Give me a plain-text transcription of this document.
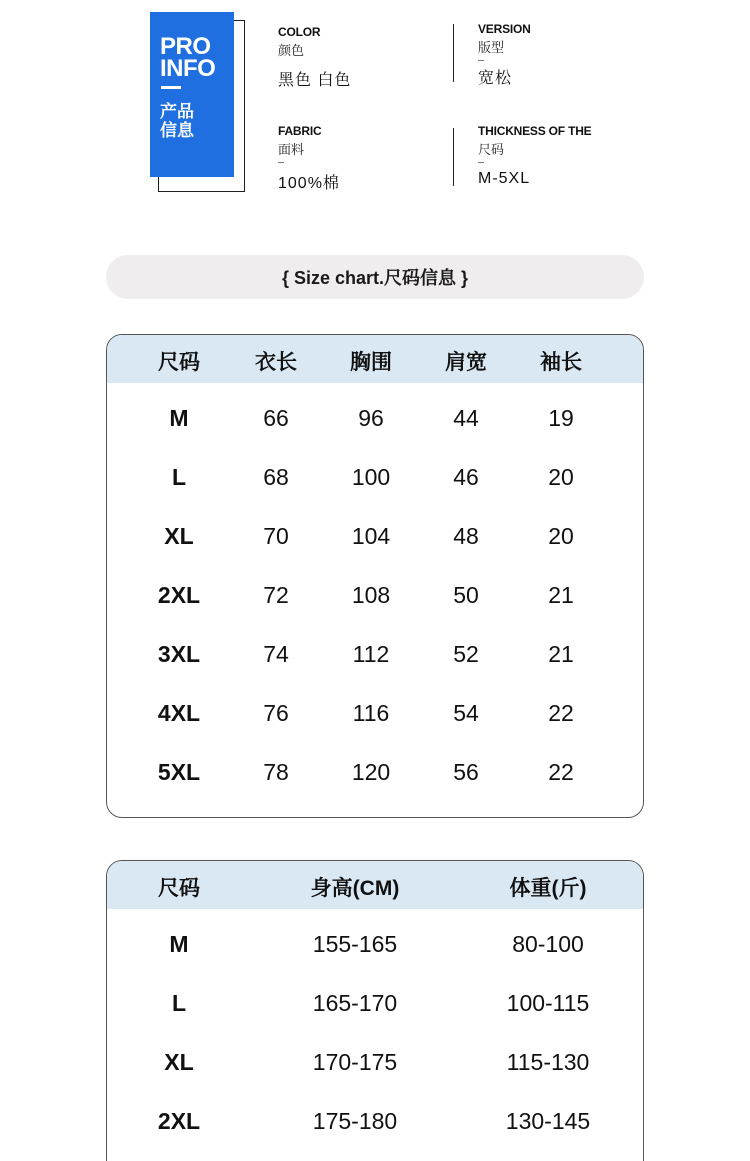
PRO
INFO
产品
信息
COLOR
颜色
黑色 白色
VERSION
版型
宽松
FABRIC
面料
100%棉
THICKNESS OF THE
尺码
M-5XL
{ Size chart.尺码信息 }
尺码	衣长	胸围	肩宽	袖长
M	66	96	44	19
L	68	100	46	20
XL	70	104	48	20
2XL	72	108	50	21
3XL	74	112	52	21
4XL	76	116	54	22
5XL	78	120	56	22
尺码	身高(CM)	体重(斤)
M	155-165	80-100
L	165-170	100-115
XL	170-175	115-130
2XL	175-180	130-145
